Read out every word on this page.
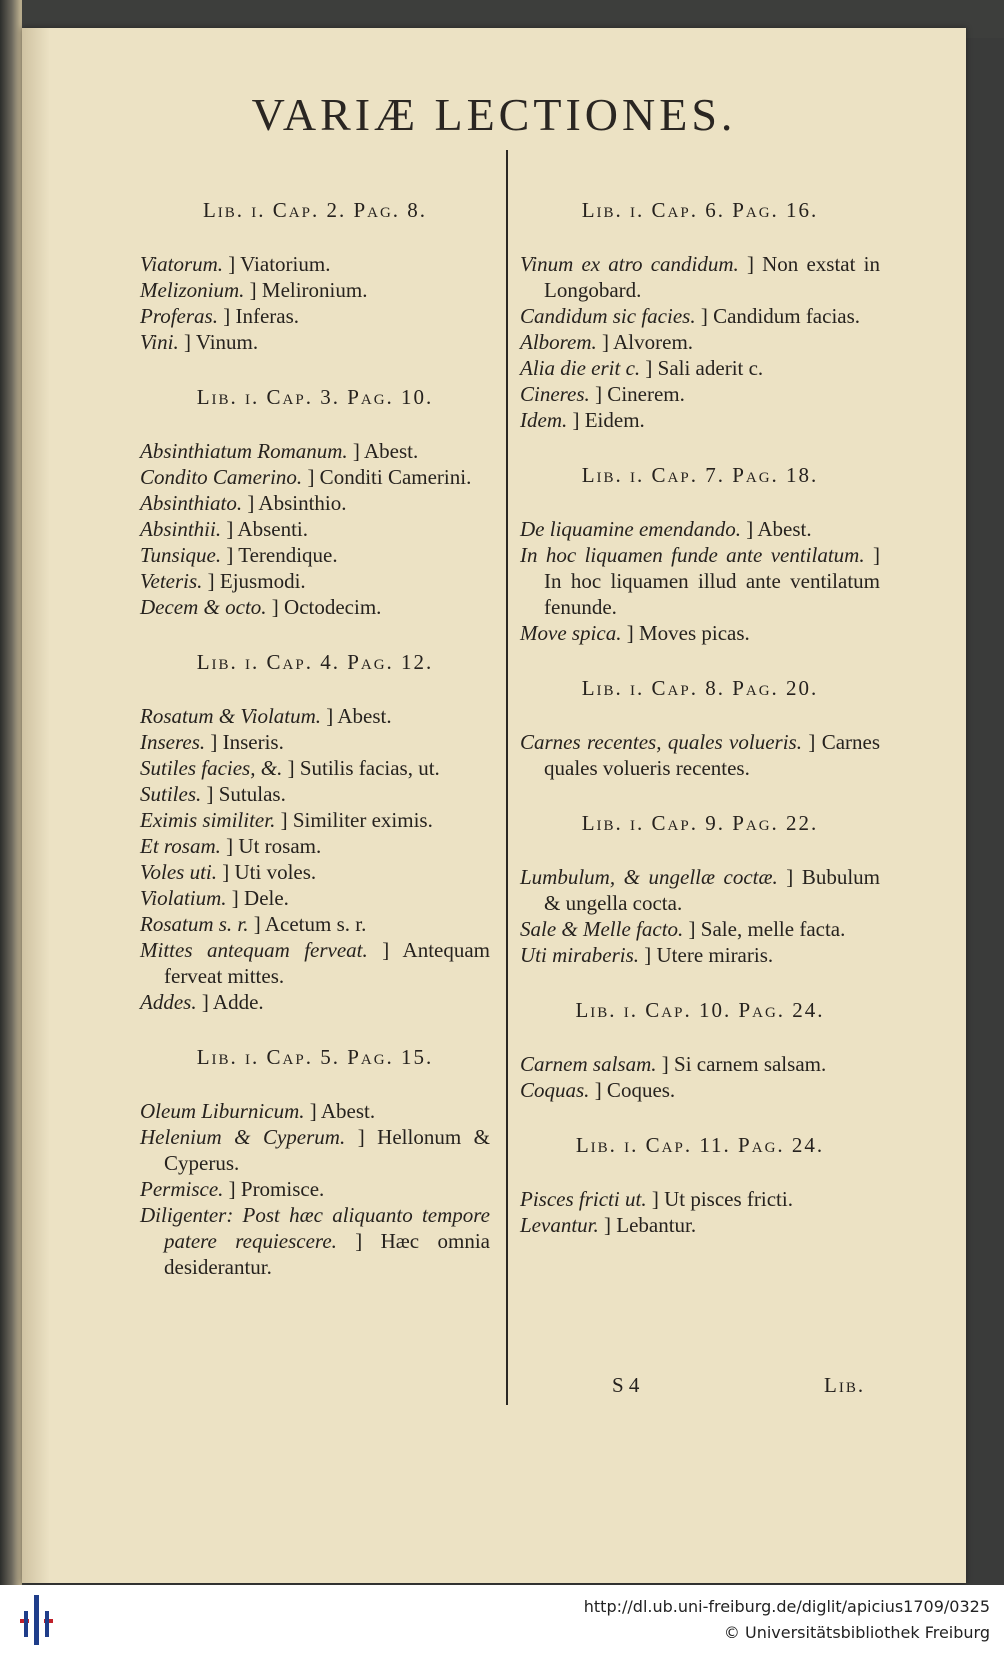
VARIÆ LECTIONES.
Lib. i. Cap. 2. Pag. 8.

Viatorum. ] Viatorium.

Melizonium. ] Melironium.

Proferas. ] Inferas.

Vini. ] Vinum.

Lib. i. Cap. 3. Pag. 10.

Absinthiatum Romanum. ] Abest.

Condito Camerino. ] Conditi Camerini.

Absinthiato. ] Absinthio.

Absinthii. ] Absenti.

Tunsique. ] Terendique.

Veteris. ] Ejusmodi.

Decem & octo. ] Octodecim.

Lib. i. Cap. 4. Pag. 12.

Rosatum & Violatum. ] Abest.

Inseres. ] Inseris.

Sutiles facies, &. ] Sutilis facias, ut.

Sutiles. ] Sutulas.

Eximis similiter. ] Similiter eximis.

Et rosam. ] Ut rosam.

Voles uti. ] Uti voles.

Violatium. ] Dele.

Rosatum s. r. ] Acetum s. r.

Mittes antequam ferveat. ] Antequam ferveat mittes.

Addes. ] Adde.

Lib. i. Cap. 5. Pag. 15.

Oleum Liburnicum. ] Abest.

Helenium & Cyperum. ] Hellonum & Cyperus.

Permisce. ] Promisce.

Diligenter: Post hæc aliquanto tempore patere requiescere. ] Hæc omnia desiderantur.

Lib. i. Cap. 6. Pag. 16.

Vinum ex atro candidum. ] Non exstat in Longobard.

Candidum sic facies. ] Candidum facias.

Alborem. ] Alvorem.

Alia die erit c. ] Sali aderit c.

Cineres. ] Cinerem.

Idem. ] Eidem.

Lib. i. Cap. 7. Pag. 18.

De liquamine emendando. ] Abest.

In hoc liquamen funde ante ventilatum. ] In hoc liquamen illud ante ventilatum fenunde.

Move spica. ] Moves picas.

Lib. i. Cap. 8. Pag. 20.

Carnes recentes, quales volueris. ] Carnes quales volueris recentes.

Lib. i. Cap. 9. Pag. 22.

Lumbulum, & ungellæ coctæ. ] Bubulum & ungella cocta.

Sale & Melle facto. ] Sale, melle facta.

Uti miraberis. ] Utere miraris.

Lib. i. Cap. 10. Pag. 24.

Carnem salsam. ] Si carnem salsam.

Coquas. ] Coques.

Lib. i. Cap. 11. Pag. 24.

Pisces fricti ut. ] Ut pisces fricti.

Levantur. ] Lebantur.

S 4	Lib.
http://dl.ub.uni-freiburg.de/diglit/apicius1709/0325
© Universitätsbibliothek Freiburg
